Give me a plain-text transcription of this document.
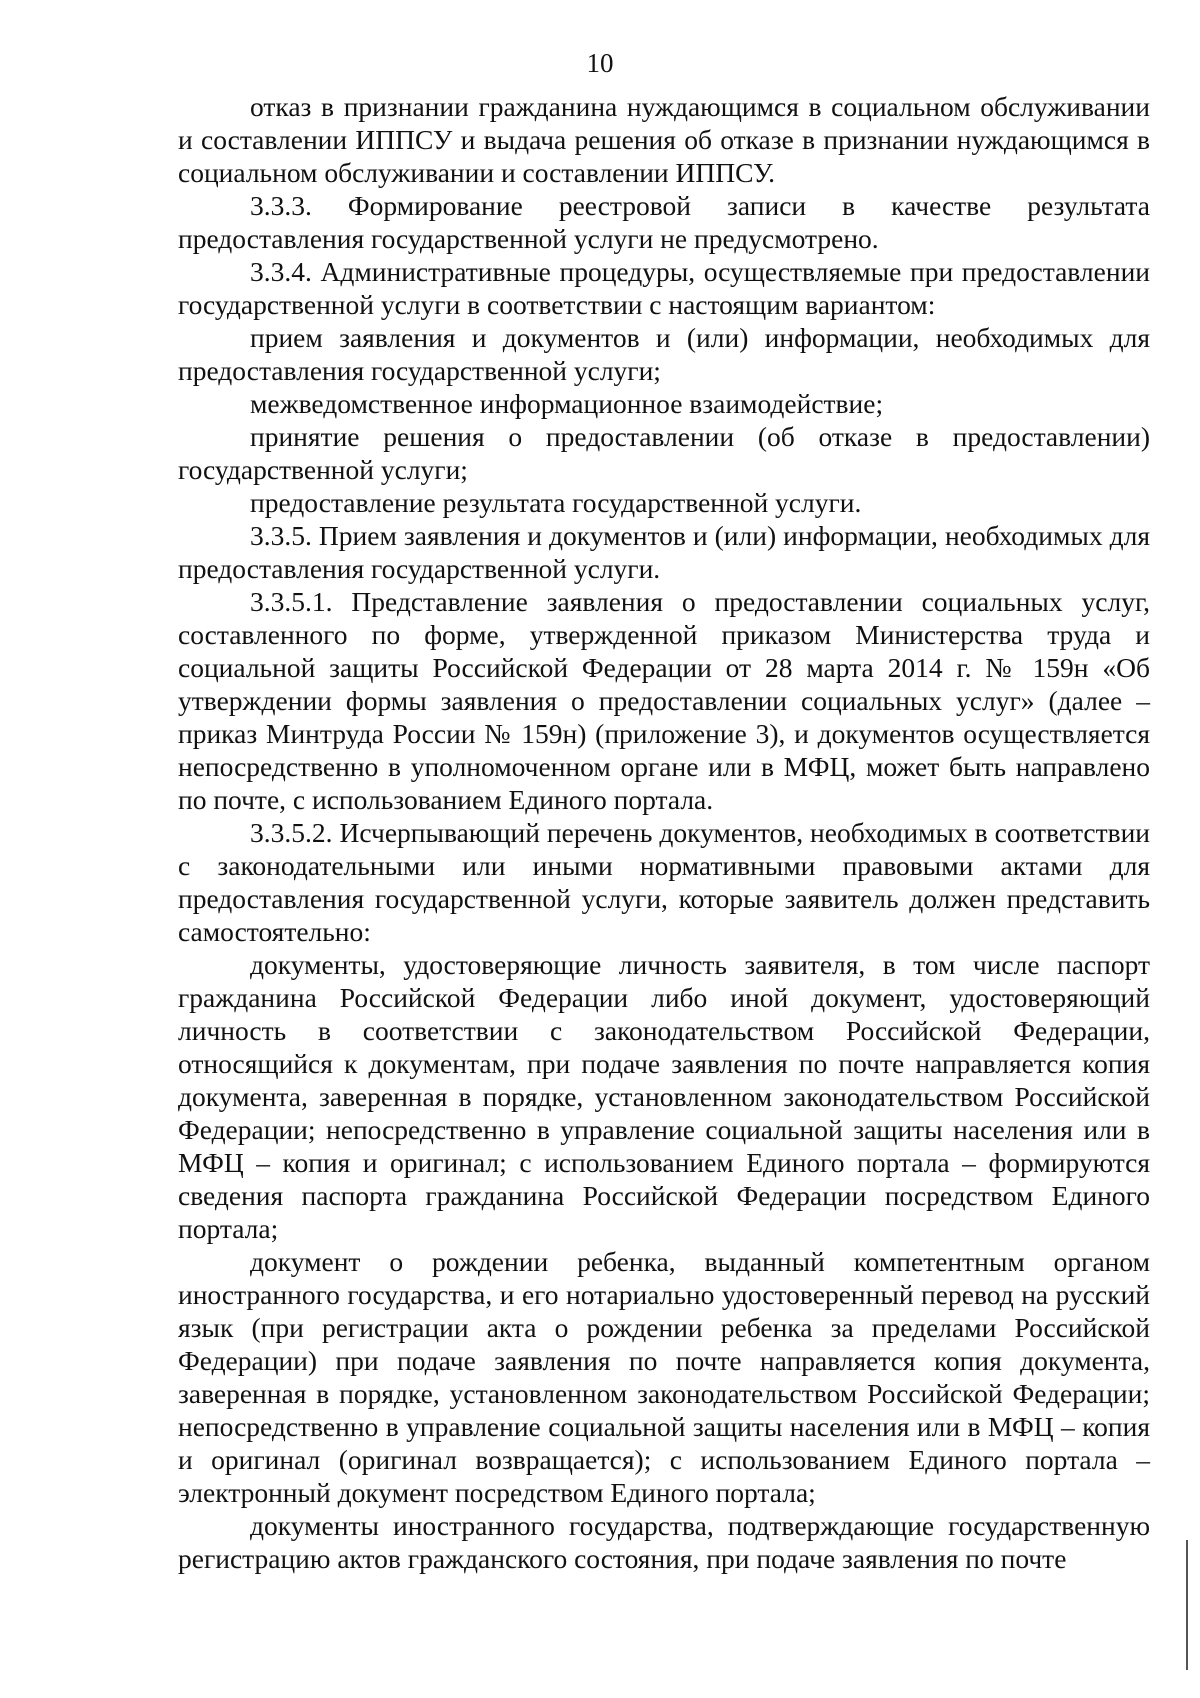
10

отказ в признании гражданина нуждающимся в социальном обслуживании и составлении ИППСУ и выдача решения об отказе в признании нуждающимся в социальном обслуживании и составлении ИППСУ.

3.3.3. Формирование реестровой записи в качестве результата предоставления государственной услуги не предусмотрено.

3.3.4. Административные процедуры, осуществляемые при предоставлении государственной услуги в соответствии с настоящим вариантом:

прием заявления и документов и (или) информации, необходимых для предоставления государственной услуги;

межведомственное информационное взаимодействие;

принятие решения о предоставлении (об отказе в предоставлении) государственной услуги;

предоставление результата государственной услуги.

3.3.5. Прием заявления и документов и (или) информации, необходимых для предоставления государственной услуги.

3.3.5.1. Представление заявления о предоставлении социальных услуг, составленного по форме, утвержденной приказом Министерства труда и социальной защиты Российской Федерации от 28 марта 2014 г. № 159н «Об утверждении формы заявления о предоставлении социальных услуг» (далее – приказ Минтруда России № 159н) (приложение 3), и документов осуществляется непосредственно в уполномоченном органе или в МФЦ, может быть направлено по почте, с использованием Единого портала.

3.3.5.2. Исчерпывающий перечень документов, необходимых в соответствии с законодательными или иными нормативными правовыми актами для предоставления государственной услуги, которые заявитель должен представить самостоятельно:

документы, удостоверяющие личность заявителя, в том числе паспорт гражданина Российской Федерации либо иной документ, удостоверяющий личность в соответствии с законодательством Российской Федерации, относящийся к документам, при подаче заявления по почте направляется копия документа, заверенная в порядке, установленном законодательством Российской Федерации; непосредственно в управление социальной защиты населения или в МФЦ – копия и оригинал; с использованием Единого портала – формируются сведения паспорта гражданина Российской Федерации посредством Единого портала;

документ о рождении ребенка, выданный компетентным органом иностранного государства, и его нотариально удостоверенный перевод на русский язык (при регистрации акта о рождении ребенка за пределами Российской Федерации) при подаче заявления по почте направляется копия документа, заверенная в порядке, установленном законодательством Российской Федерации; непосредственно в управление социальной защиты населения или в МФЦ – копия и оригинал (оригинал возвращается); с использованием Единого портала – электронный документ посредством Единого портала;

документы иностранного государства, подтверждающие государственную регистрацию актов гражданского состояния, при подаче заявления по почте
